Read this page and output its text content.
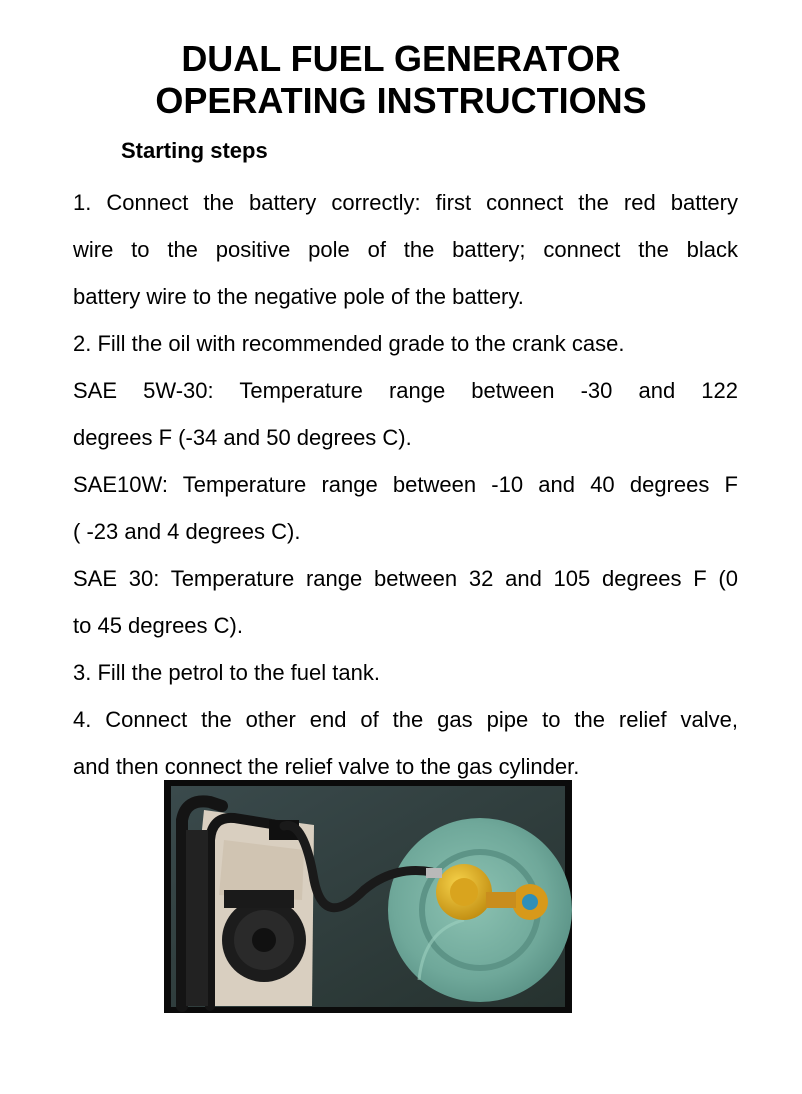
DUAL FUEL GENERATOR
OPERATING INSTRUCTIONS
Starting steps
1. Connect the battery correctly: first connect the red battery
wire to the positive pole of the battery; connect the black
battery wire to the negative pole of the battery.
2. Fill the oil with recommended grade to the crank case.
SAE 5W-30: Temperature range between -30 and 122
degrees F (-34 and 50 degrees C).
SAE10W: Temperature range between -10 and 40 degrees F
( -23 and 4 degrees C).
SAE 30: Temperature range between 32 and 105 degrees F (0
to 45 degrees C).
3. Fill the petrol to the fuel tank.
4. Connect the other end of the gas pipe to the relief valve,
and then connect the relief valve to the gas cylinder.
